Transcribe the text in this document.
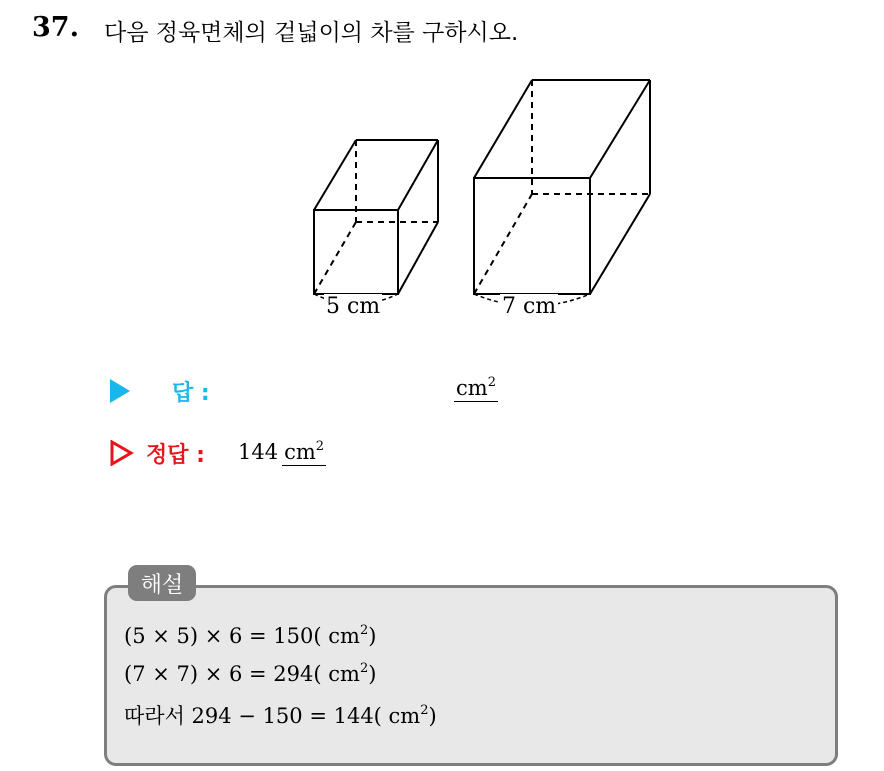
37. 다음 정육면체의 겉넓이의 차를 구하시오.
5 cm	7 cm
답 :	$cm^2$
정답 : 144 $cm^2$
해설
(5 × 5) × 6 = 150( $cm^2$)
(7 × 7) × 6 = 294( $cm^2$)
따라서 294 − 150 = 144( $cm^2$)
